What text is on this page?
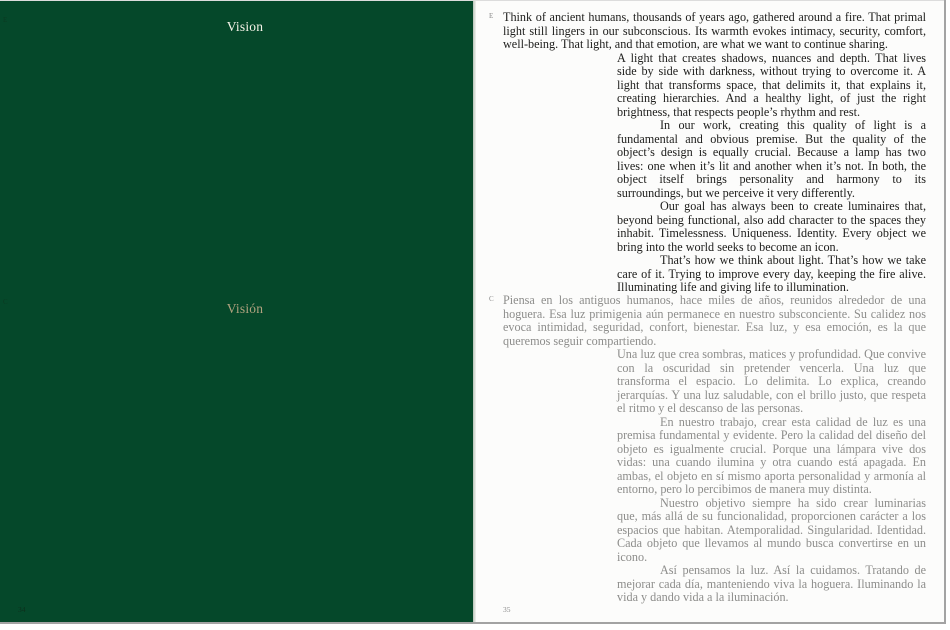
E	Vision
C	Visión
34
E Think of ancient humans, thousands of years ago, gathered around a fire. That primal light still lingers in our subconscious. Its warmth evokes intimacy, security, comfort, well-being. That light, and that emotion, are what we want to continue sharing.

A light that creates shadows, nuances and depth. That lives side by side with darkness, without trying to overcome it. A light that transforms space, that delimits it, that explains it, creating hierarchies. And a healthy light, of just the right brightness, that respects people’s rhythm and rest.

In our work, creating this quality of light is a fundamental and obvious premise. But the quality of the object’s design is equally crucial. Because a lamp has two lives: one when it’s lit and another when it’s not. In both, the object itself brings personality and harmony to its surroundings, but we perceive it very differently.

Our goal has always been to create luminaires that, beyond being functional, also add character to the spaces they inhabit. Timelessness. Uniqueness. Identity. Every object we bring into the world seeks to become an icon.

That’s how we think about light. That’s how we take care of it. Trying to improve every day, keeping the fire alive. Illuminating life and giving life to illumination.

C Piensa en los antiguos humanos, hace miles de años, reunidos alrededor de una hoguera. Esa luz primigenia aún permanece en nuestro subsconciente. Su calidez nos evoca intimidad, seguridad, confort, bienestar. Esa luz, y esa emoción, es la que queremos seguir compartiendo.

Una luz que crea sombras, matices y profundidad. Que convive con la oscuridad sin pretender vencerla. Una luz que transforma el espacio. Lo delimita. Lo explica, creando jerarquías. Y una luz saludable, con el brillo justo, que respeta el ritmo y el descanso de las personas.

En nuestro trabajo, crear esta calidad de luz es una premisa fundamental y evidente. Pero la calidad del diseño del objeto es igualmente crucial. Porque una lámpara vive dos vidas: una cuando ilumina y otra cuando está apagada. En ambas, el objeto en sí mismo aporta personalidad y armonía al entorno, pero lo percibimos de manera muy distinta.

Nuestro objetivo siempre ha sido crear luminarias que, más allá de su funcionalidad, proporcionen carácter a los espacios que habitan. Atemporalidad. Singularidad. Identidad. Cada objeto que llevamos al mundo busca convertirse en un icono.

Así pensamos la luz. Así la cuidamos. Tratando de mejorar cada día, manteniendo viva la hoguera. Iluminando la vida y dando vida a la iluminación.

35
